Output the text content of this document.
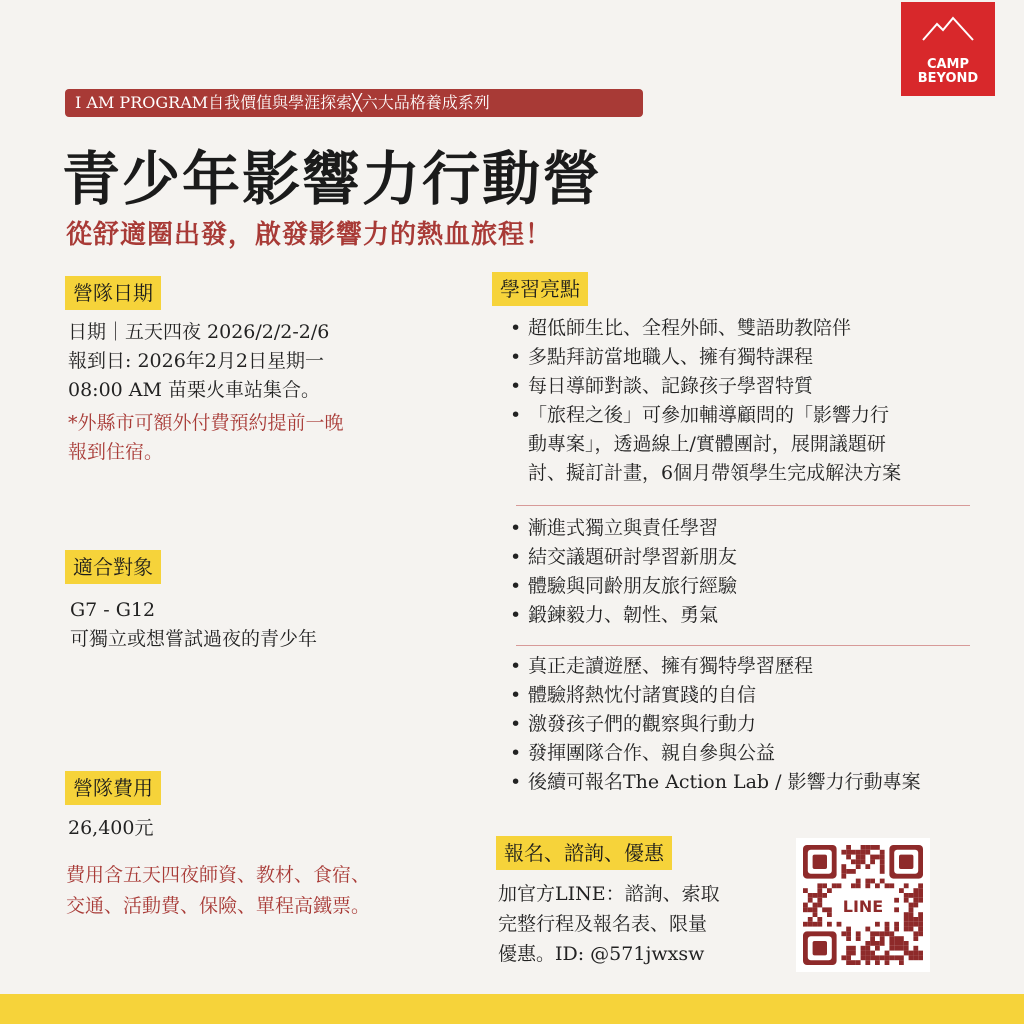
CAMP
BEYOND
I AM PROGRAM自我價值與學涯探索╳六大品格養成系列
青少年影響力行動營
從舒適圈出發，啟發影響力的熱血旅程！
營隊日期
日期｜五天四夜 2026/2/2-2/6
報到日: 2026年2月2日星期一
08:00 AM 苗栗火車站集合。
*外縣市可額外付費預約提前一晚
報到住宿。
適合對象
G7 - G12
可獨立或想嘗試過夜的青少年
營隊費用
26,400元
費用含五天四夜師資、教材、食宿、
交通、活動費、保險、單程高鐵票。
學習亮點
• 超低師生比、全程外師、雙語助教陪伴
• 多點拜訪當地職人、擁有獨特課程
• 每日導師對談、記錄孩子學習特質
• 「旅程之後」可參加輔導顧問的「影響力行
動專案」，透過線上/實體團討，展開議題研
討、擬訂計畫，6個月帶領學生完成解決方案
• 漸進式獨立與責任學習
• 結交議題研討學習新朋友
• 體驗與同齡朋友旅行經驗
• 鍛鍊毅力、韌性、勇氣
• 真正走讀遊歷、擁有獨特學習歷程
• 體驗將熱忱付諸實踐的自信
• 激發孩子們的觀察與行動力
• 發揮團隊合作、親自參與公益
• 後續可報名The Action Lab / 影響力行動專案
報名、諮詢、優惠
加官方LINE：諮詢、索取
完整行程及報名表、限量
優惠。ID: @571jwxsw
LINE
